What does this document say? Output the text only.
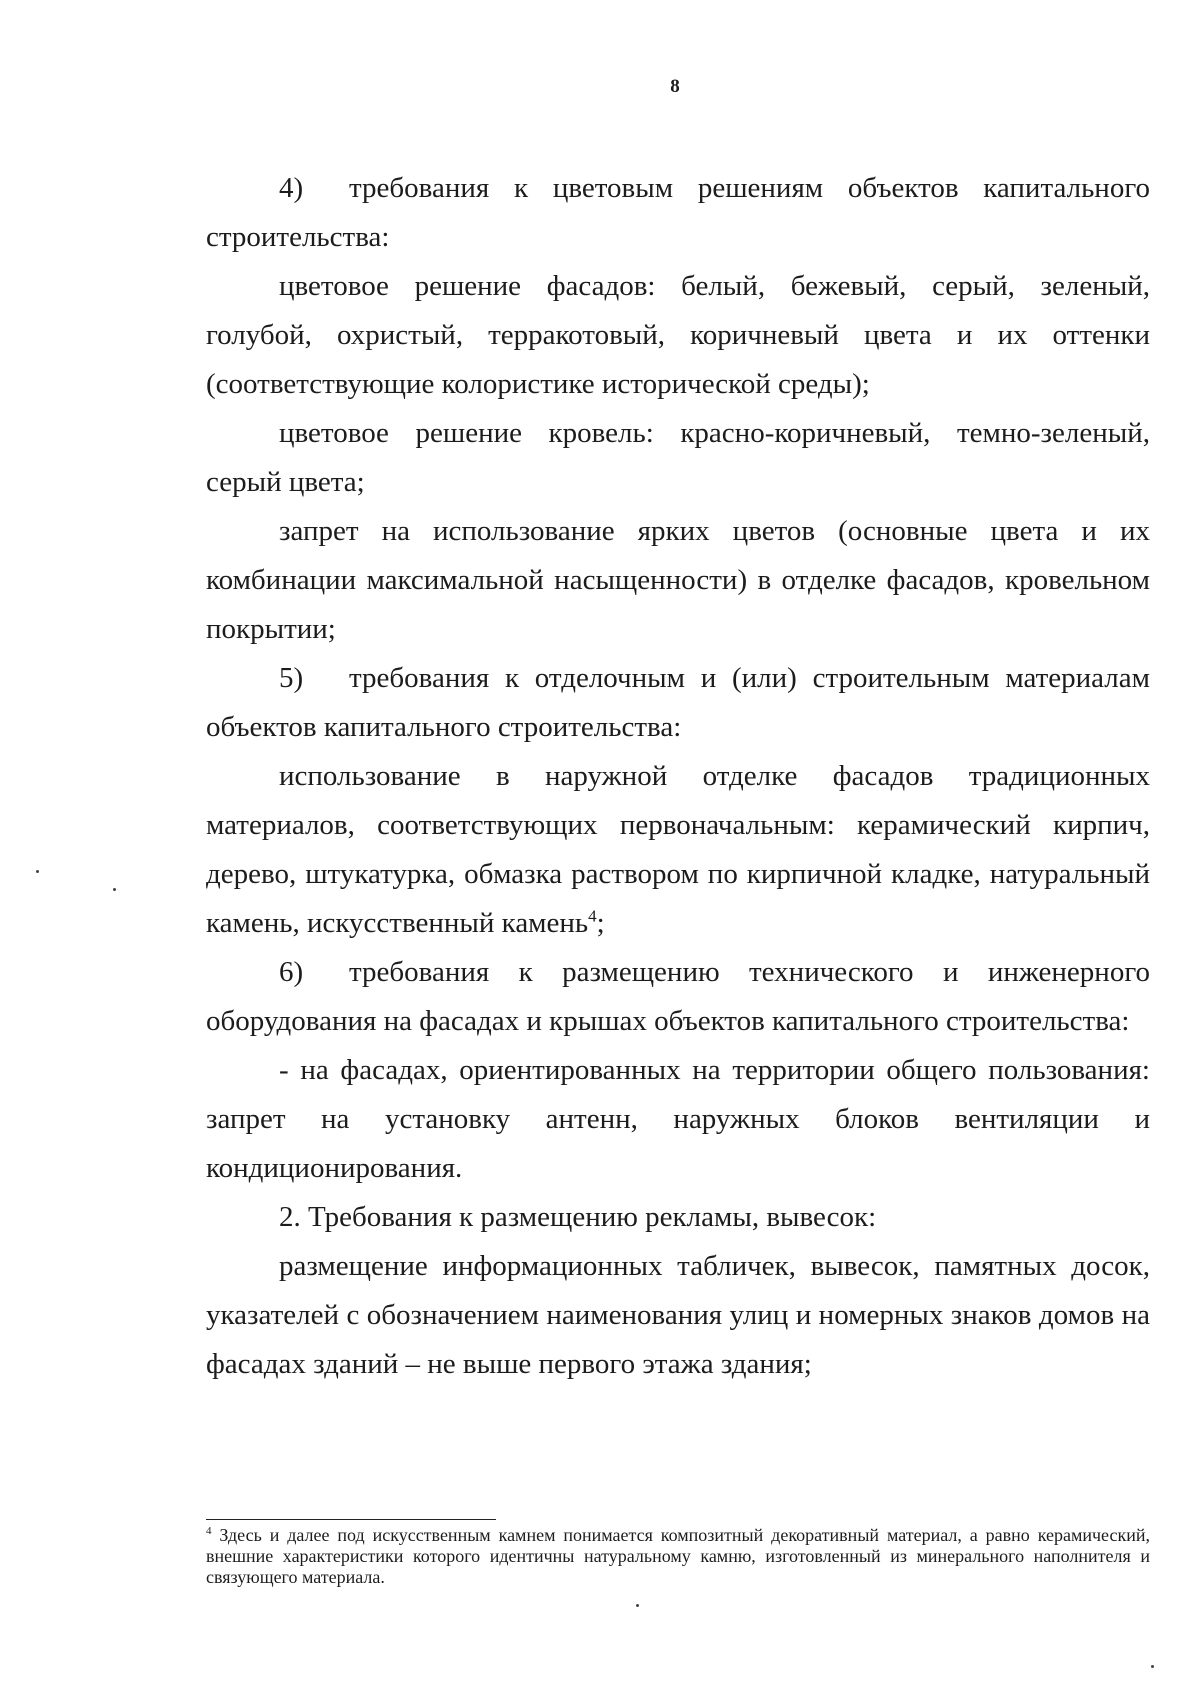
8

4) требования к цветовым решениям объектов капитального строительства:

цветовое решение фасадов: белый, бежевый, серый, зеленый, голубой, охристый, терракотовый, коричневый цвета и их оттенки (соответствующие колористике исторической среды);

цветовое решение кровель: красно-коричневый, темно-зеленый, серый цвета;

запрет на использование ярких цветов (основные цвета и их комбинации максимальной насыщенности) в отделке фасадов, кровельном покрытии;

5) требования к отделочным и (или) строительным материалам объектов капитального строительства:

использование в наружной отделке фасадов традиционных материалов, соответствующих первоначальным: керамический кирпич, дерево, штукатурка, обмазка раствором по кирпичной кладке, натуральный камень, искусственный камень$^4$;

6) требования к размещению технического и инженерного оборудования на фасадах и крышах объектов капитального строительства:

- на фасадах, ориентированных на территории общего пользования: запрет на установку антенн, наружных блоков вентиляции и кондиционирования.

2. Требования к размещению рекламы, вывесок:

размещение информационных табличек, вывесок, памятных досок, указателей с обозначением наименования улиц и номерных знаков домов на фасадах зданий – не выше первого этажа здания;

$^4$ Здесь и далее под искусственным камнем понимается композитный декоративный материал, а равно керамический, внешние характеристики которого идентичны натуральному камню, изготовленный из минерального наполнителя и связующего материала.
